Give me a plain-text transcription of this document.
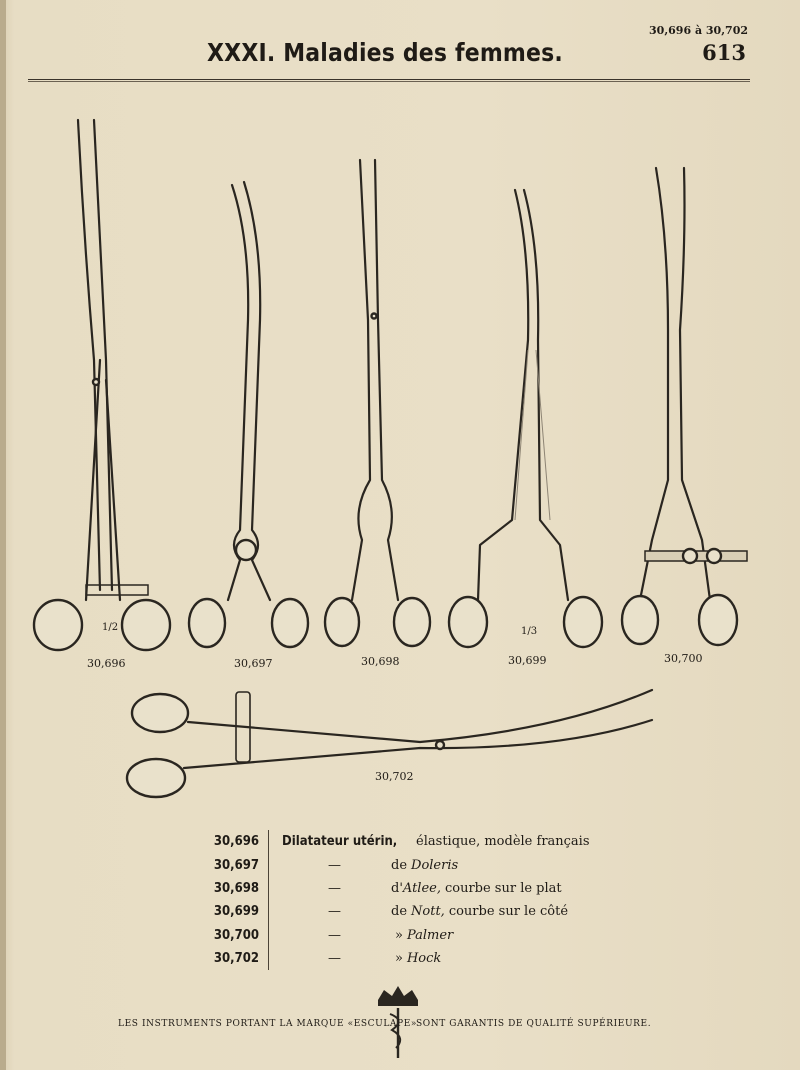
30,696 à 30,702
613
XXXI. Maladies des femmes.
30,696
1/2
30,697	30,698	30,699
1/3
30,700
30,702
30,696	Dilatateur utérin, élastique, modèle français
30,697	—	de Doleris
30,698	—	d' Atlee, courbe sur le plat
30,699	—	de Nott, courbe sur le côté
30,700	—	» Palmer
30,702	—	» Hock
LES INSTRUMENTS PORTANT LA MARQUE «ESCULAPE» SONT GARANTIS DE QUALITÉ SUPÉRIEURE.
